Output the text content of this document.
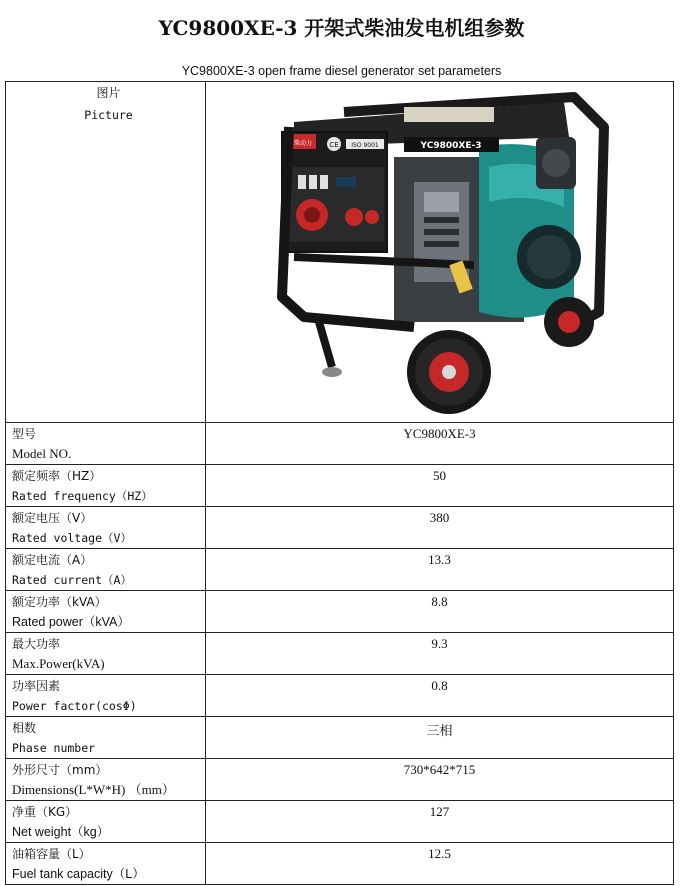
YC9800XE-3 开架式柴油发电机组参数
YC9800XE-3 open frame diesel generator set parameters
图片
Picture	玉柴动力 CE ISO 9001 YC9800XE-3

型号
Model NO.	YC9800XE-3

额定频率（HZ）
Rated frequency（HZ）	50

额定电压（V）
Rated voltage（V）	380

额定电流（A）
Rated current（A）	13.3

额定功率（kVA）
Rated power（kVA）	8.8

最大功率
Max.Power(kVA)	9.3

功率因素
Power factor(cosΦ)	0.8

相数
Phase number	三相

外形尺寸（mm）
Dimensions(L*W*H) （mm）	730*642*715

净重（KG）
Net weight（kg）	127

油箱容量（L）
Fuel tank capacity（L）	12.5
